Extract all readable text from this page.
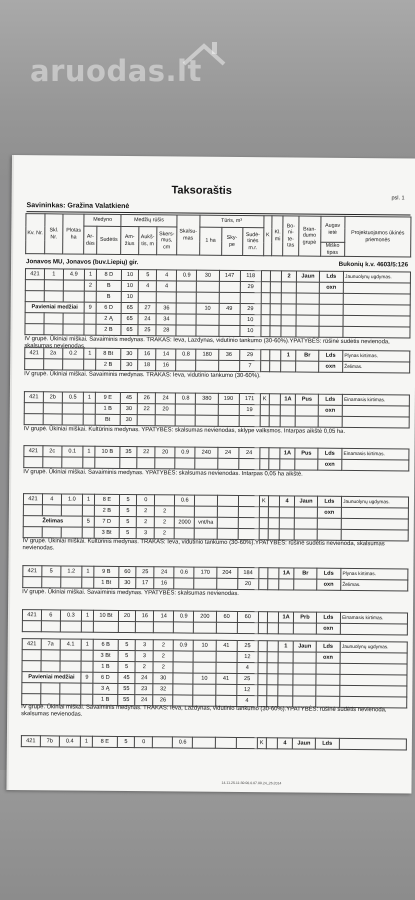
aruodas.lt
Taksoraštis
psl. 1
Savininkas: Gražina Valatkienė
Kv. Nr.	Skl. Nr.	Plotas ha	Medyno		Medžių rūšis			Skalsu- mas	Tūris, m³			K	Kl. mi	Bo- ni- te- tas	Bran- dumo grupė	Augav ietė	Projektuojamos ūkinės priemonės
			Ar- das	Sudėtis	Am- žius	Aukš- tis, m	Skers- mus, cm		1 ha	Sky- pe	Sudė- tinės m.r.						
																Miško tipas	
Jonavos MU, Jonavos (buv.Liepių) gir.	Bukonių k.v. 4603/5:126
421	1	4.9	1	8 D	10	5	4	0.9	30	147	118			2	Jaun	Lds	Jaunuolynų ugdymas.
			2	B	10	4	4				29					oxn	
				B	10												
Pavieniai medžiai			9	6 D	65	27	36		10	49	29						
				2 Ą	65	24	34				10						
				2 B	65	25	28				10						
IV grupė. Ūkiniai miškai. Savaiminis medynas. TRAKAS: Ieva, Lazdynas, vidutinio tankumo (30-60%).YPATYBĖS: rūšinė sudėtis nevienoda, skalsumas nevienodas.
421	2a	0.2	1	8 Bt	30	16	14	0.8	180	36	29			1	Br	Lds	Plynas kirtimas.
				2 B	30	18	16				7					oxn	Želimas.
IV grupė. Ūkiniai miškai. Savaiminis medynas. TRAKAS: Ieva, vidutinio tankumo (30-60%).
421	2b	0.5	1	9 E	45	26	24	0.8	380	190	171	K		1A	Pus	Lds	Einamasis kirtimas.
				1 B	30	22	20				19					oxn	
				Bt	30												
IV grupė. Ūkiniai miškai. Kultūrinis medynas. YPATYBĖS: skalsumas nevienodas, sklype valksmos. Intarpas aikštė 0,05 ha.
421	2c	0.1	1	10 B	35	22	20	0.9	240	24	24			1A	Pus	Lds	Einamasis kirtimas.
																oxn	
IV grupė. Ūkiniai miškai. Savaiminis medynas. YPATYBĖS: skalsumas nevienodas. Intarpas 0,05 ha aikštė.
421	4	1.0	1	8 E	5	0		0.6				K		4	Jaun	Lds	Jaunuolynų ugdymas.
				2 B	5	2	2									oxn	
Želimas			5	7 D	5	2	2	2000	vnt/ha								
				3 Bt	5	3	2										
IV grupė. Ūkiniai miškai. Kultūrinis medynas. TRAKAS: Ieva, vidutinio tankumo (30-60%).YPATYBĖS: rūšinė sudėtis nevienoda, skalsumas nevienodas.
421	5	1.2	1	9 B	60	25	24	0.6	170	204	184			1A	Br	Lds	Plynas kirtimas.
				1 Bt	30	17	16				20					oxn	Želimas.
IV grupė. Ūkiniai miškai. Savaiminis medynas. YPATYBĖS: skalsumas nevienodas.
421	6	0.3	1	10 Bt	20	16	14	0.9	200	60	60			1A	Prb	Lds	Einamasis kirtimas.
																oxn	
421	7a	4.1	1	6 B	5	3	2	0.9	10	41	25			1	Jaun	Lds	Jaunuolynų ugdymas.
				3 Bt	5	3	2				12					oxn	
				1 B	5	2	2				4						
Pavieniai medžiai			9	6 D	45	24	30		10	41	25						
				3 Ą	55	23	32				12						
				1 B	55	24	26				4						
IV grupė. Ūkiniai miškai. Savaiminis medynas. TRAKAS: Ieva, Lazdynas, vidutinio tankumo (30-60%).YPATYBĖS: rūšinė sudėtis nevienoda, skalsumas nevienodas.
421	7b	0.4	1	8 E	5	0		0.6				K		4	Jaun	Lds	
14.11.25.11:30:00.0.07.00.24_26.2014
